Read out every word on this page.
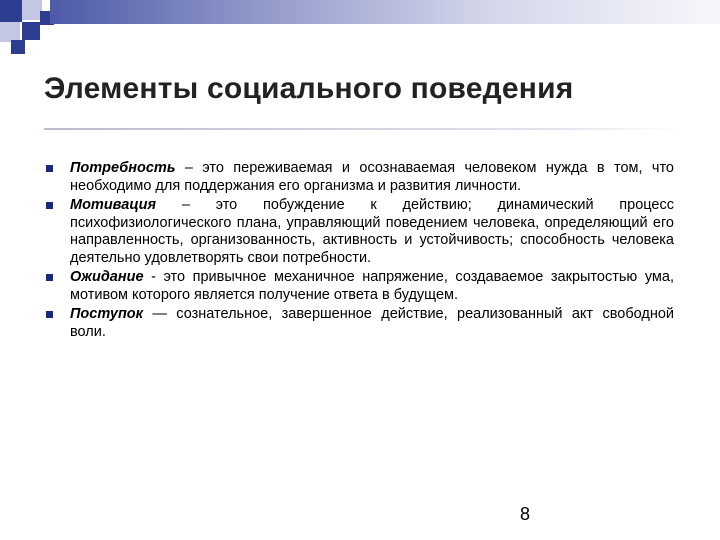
Элементы социального поведения
Потребность – это переживаемая и осознаваемая человеком нужда в том, что необходимо для поддержания его организма и развития личности.
Мотивация – это побуждение к действию; динамический процесс психофизиологического плана, управляющий поведением человека, определяющий его направленность, организованность, активность и устойчивость; способность человека деятельно удовлетворять свои потребности.
Ожидание - это привычное механичное напряжение, создаваемое закрытостью ума, мотивом которого является получение ответа в будущем.
Поступок — сознательное, завершенное действие, реализованный акт свободной воли.
8
